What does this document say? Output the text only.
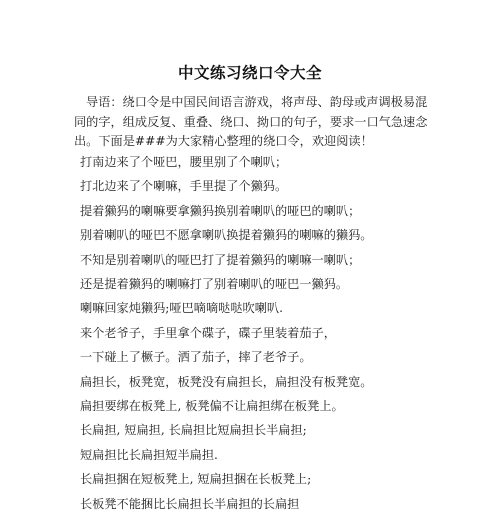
中文练习绕口令大全
导语：绕口令是中国民间语言游戏，将声母、韵母或声调极易混同的字，组成反复、重叠、绕口、拗口的句子，要求一口气急速念出。下面是###为大家精心整理的绕口令，欢迎阅读！
打南边来了个哑巴，腰里别了个喇叭；
打北边来了个喇嘛，手里提了个獭犸。
提着獭犸的喇嘛要拿獭犸换别着喇叭的哑巴的喇叭；
别着喇叭的哑巴不愿拿喇叭换提着獭犸的喇嘛的獭犸。
不知是别着喇叭的哑巴打了提着獭犸的喇嘛一喇叭；
还是提着獭犸的喇嘛打了别着喇叭的哑巴一獭犸。
喇嘛回家炖獭犸;哑巴嘀嘀哒哒吹喇叭.
来个老爷子，手里拿个碟子，碟子里装着茄子，
一下碰上了橛子。洒了茄子，摔了老爷子。
扁担长，板凳宽，板凳没有扁担长，扁担没有板凳宽。
扁担要绑在板凳上, 板凳偏不让扁担绑在板凳上。
长扁担, 短扁担, 长扁担比短扁担长半扁担;
短扁担比长扁担短半扁担.
长扁担捆在短板凳上, 短扁担捆在长板凳上;
长板凳不能捆比长扁担长半扁担的长扁担
